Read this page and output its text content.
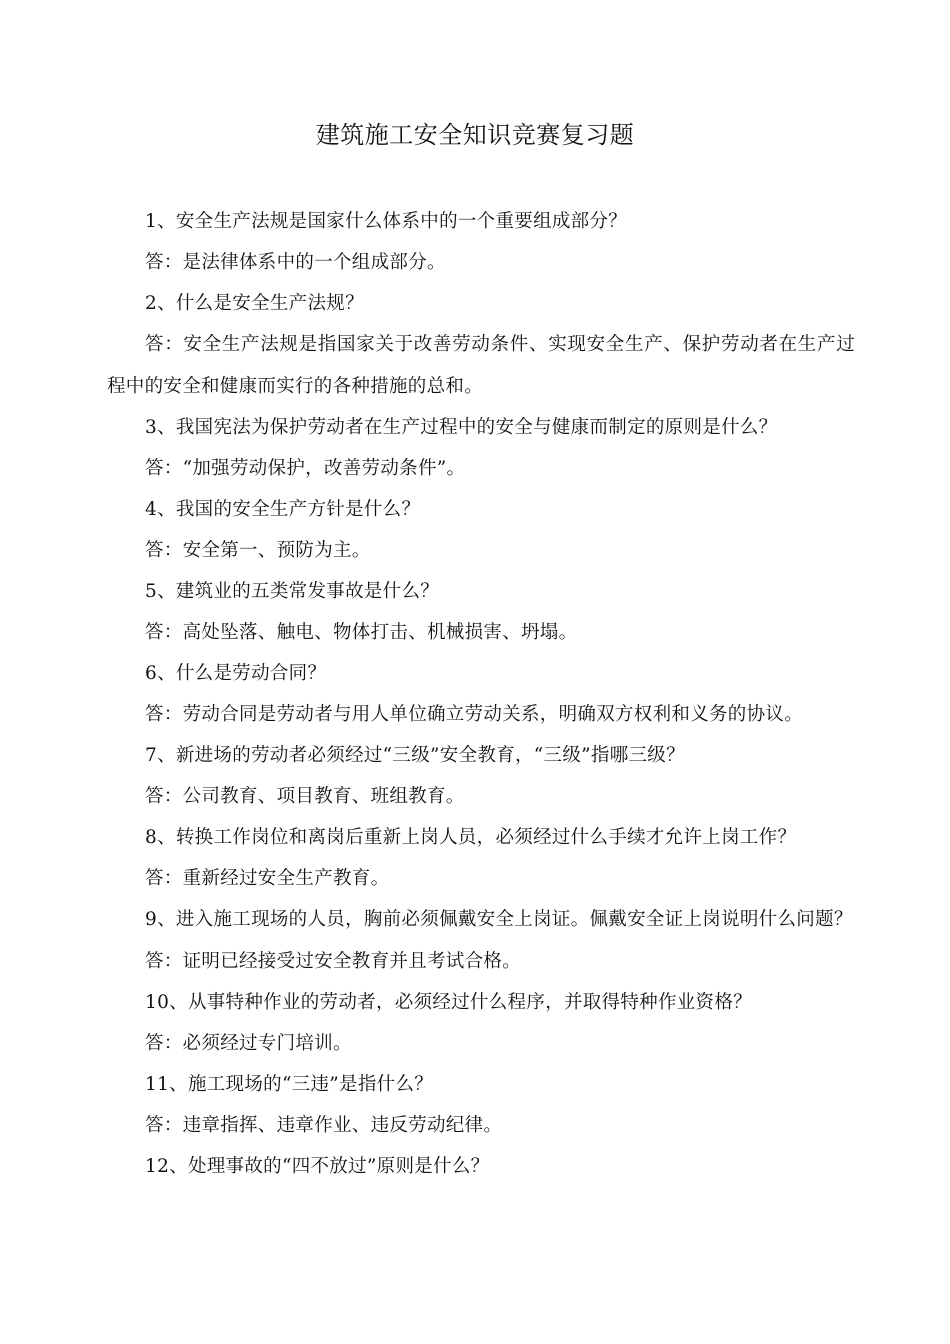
建筑施工安全知识竞赛复习题

1、安全生产法规是国家什么体系中的一个重要组成部分？

答：是法律体系中的一个组成部分。

2、什么是安全生产法规？

答：安全生产法规是指国家关于改善劳动条件、实现安全生产、保护劳动者在生产过程中的安全和健康而实行的各种措施的总和。

3、我国宪法为保护劳动者在生产过程中的安全与健康而制定的原则是什么？

答：“加强劳动保护，改善劳动条件”。

4、我国的安全生产方针是什么？

答：安全第一、预防为主。

5、建筑业的五类常发事故是什么？

答：高处坠落、触电、物体打击、机械损害、坍塌。

6、什么是劳动合同？

答：劳动合同是劳动者与用人单位确立劳动关系，明确双方权利和义务的协议。

7、新进场的劳动者必须经过“三级”安全教育，“三级”指哪三级？

答：公司教育、项目教育、班组教育。

8、转换工作岗位和离岗后重新上岗人员，必须经过什么手续才允许上岗工作？

答：重新经过安全生产教育。

9、进入施工现场的人员，胸前必须佩戴安全上岗证。佩戴安全证上岗说明什么问题？

答：证明已经接受过安全教育并且考试合格。

10、从事特种作业的劳动者，必须经过什么程序，并取得特种作业资格？

答：必须经过专门培训。

11、施工现场的“三违”是指什么？

答：违章指挥、违章作业、违反劳动纪律。

12、处理事故的“四不放过”原则是什么？
